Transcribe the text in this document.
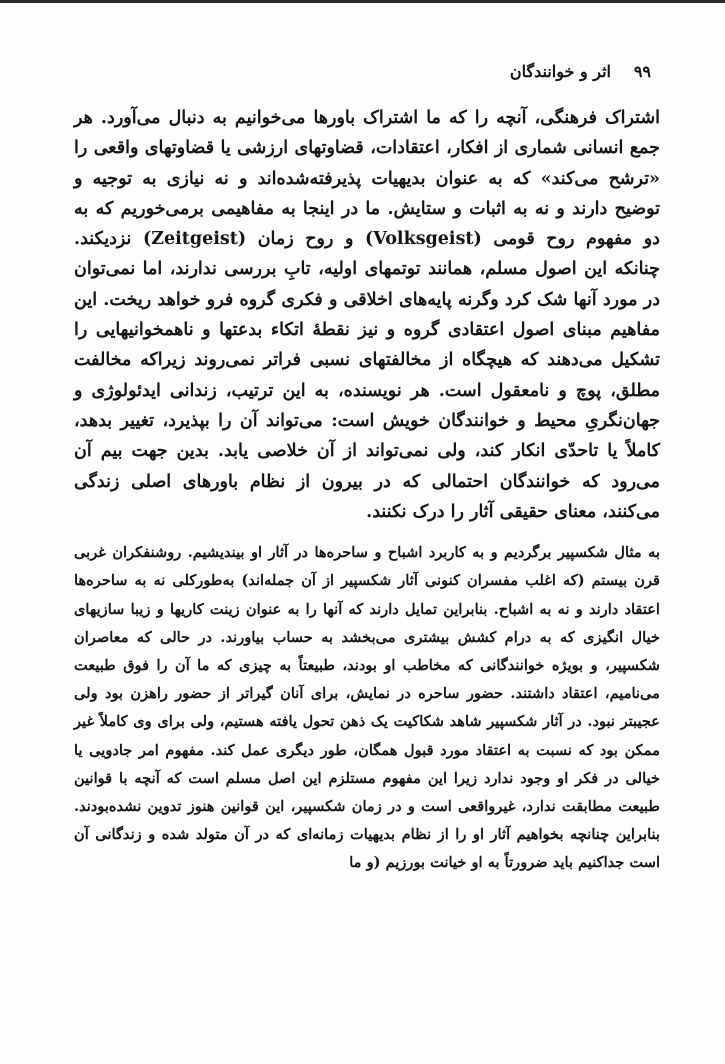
۹۹
اثر و خوانندگان

اشتراک فرهنگی، آنچه را که ما اشتراک باورها می‌خوانیم به دنبال می‌آورد. هر جمع انسانی شماری از افکار، اعتقادات، قضاوتهای ارزشی یا قضاوتهای واقعی را «ترشح می‌کند» که به عنوان بدیهیات پذیرفته‌شده‌اند و نه نیازی به توجیه و توضیح دارند و نه به اثبات و ستایش. ما در اینجا به مفاهیمی برمی‌خوریم که به دو مفهوم روح قومی (Volksgeist) و روح زمان (Zeitgeist) نزدیکند. چنانکه این اصول مسلم، همانند توتمهای اولیه، تابِ بررسی ندارند، اما نمی‌توان در مورد آنها شک کرد وگرنه پایه‌های اخلاقی و فکری گروه فرو خواهد ریخت. این مفاهیم مبنای اصول اعتقادی گروه و نیز نقطهٔ اتکاء بدعتها و ناهمخوانیهایی را تشکیل می‌دهند که هیچگاه از مخالفتهای نسبی فراتر نمی‌روند زیراکه مخالفت مطلق، پوچ و نامعقول است. هر نویسنده، به این ترتیب، زندانی ایدئولوژی و جهان‌نگریِ محیط و خوانندگان خویش است: می‌تواند آن را بپذیرد، تغییر بدهد، کاملاً یا تاحدّی انکار کند، ولی نمی‌تواند از آن خلاصی یابد. بدین جهت بیم آن می‌رود که خوانندگان احتمالی که در بیرون از نظام باورهای اصلی زندگی می‌کنند، معنای حقیقی آثار را درک نکنند.

به مثال شکسپیر برگردیم و به کاربرد اشباح و ساحره‌ها در آثار او بیندیشیم. روشنفکران غربی قرن بیستم (که اغلب مفسران کنونی آثار شکسپیر از آن جمله‌اند) به‌طورکلی نه به ساحره‌ها اعتقاد دارند و نه به اشباح. بنابراین تمایل دارند که آنها را به عنوان زینت کاریها و زیبا سازیهای خیال انگیزی که به درام کشش بیشتری می‌بخشد به حساب بیاورند. در حالی که معاصران شکسپیر، و بویژه خوانندگانی که مخاطب او بودند، طبیعتاً به چیزی که ما آن را فوق طبیعت می‌نامیم، اعتقاد داشتند. حضور ساحره در نمایش، برای آنان گیراتر از حضور راهزن بود ولی عجیبتر نبود. در آثار شکسپیر شاهد شکاکیت یک ذهن تحول یافته هستیم، ولی برای وی کاملاً غیر ممکن بود که نسبت به اعتقاد مورد قبول همگان، طور دیگری عمل کند. مفهوم امر جادویی یا خیالی در فکر او وجود ندارد زیرا این مفهوم مستلزم این اصل مسلم است که آنچه با قوانین طبیعت مطابقت ندارد، غیرواقعی است و در زمان شکسپیر، این قوانین هنوز تدوین نشده‌بودند. بنابراین چنانچه بخواهیم آثار او را از نظام بدیهیات زمانه‌ای که در آن متولد شده و زندگانی آن است جداکنیم باید ضرورتاً به او خیانت بورزیم (و ما
